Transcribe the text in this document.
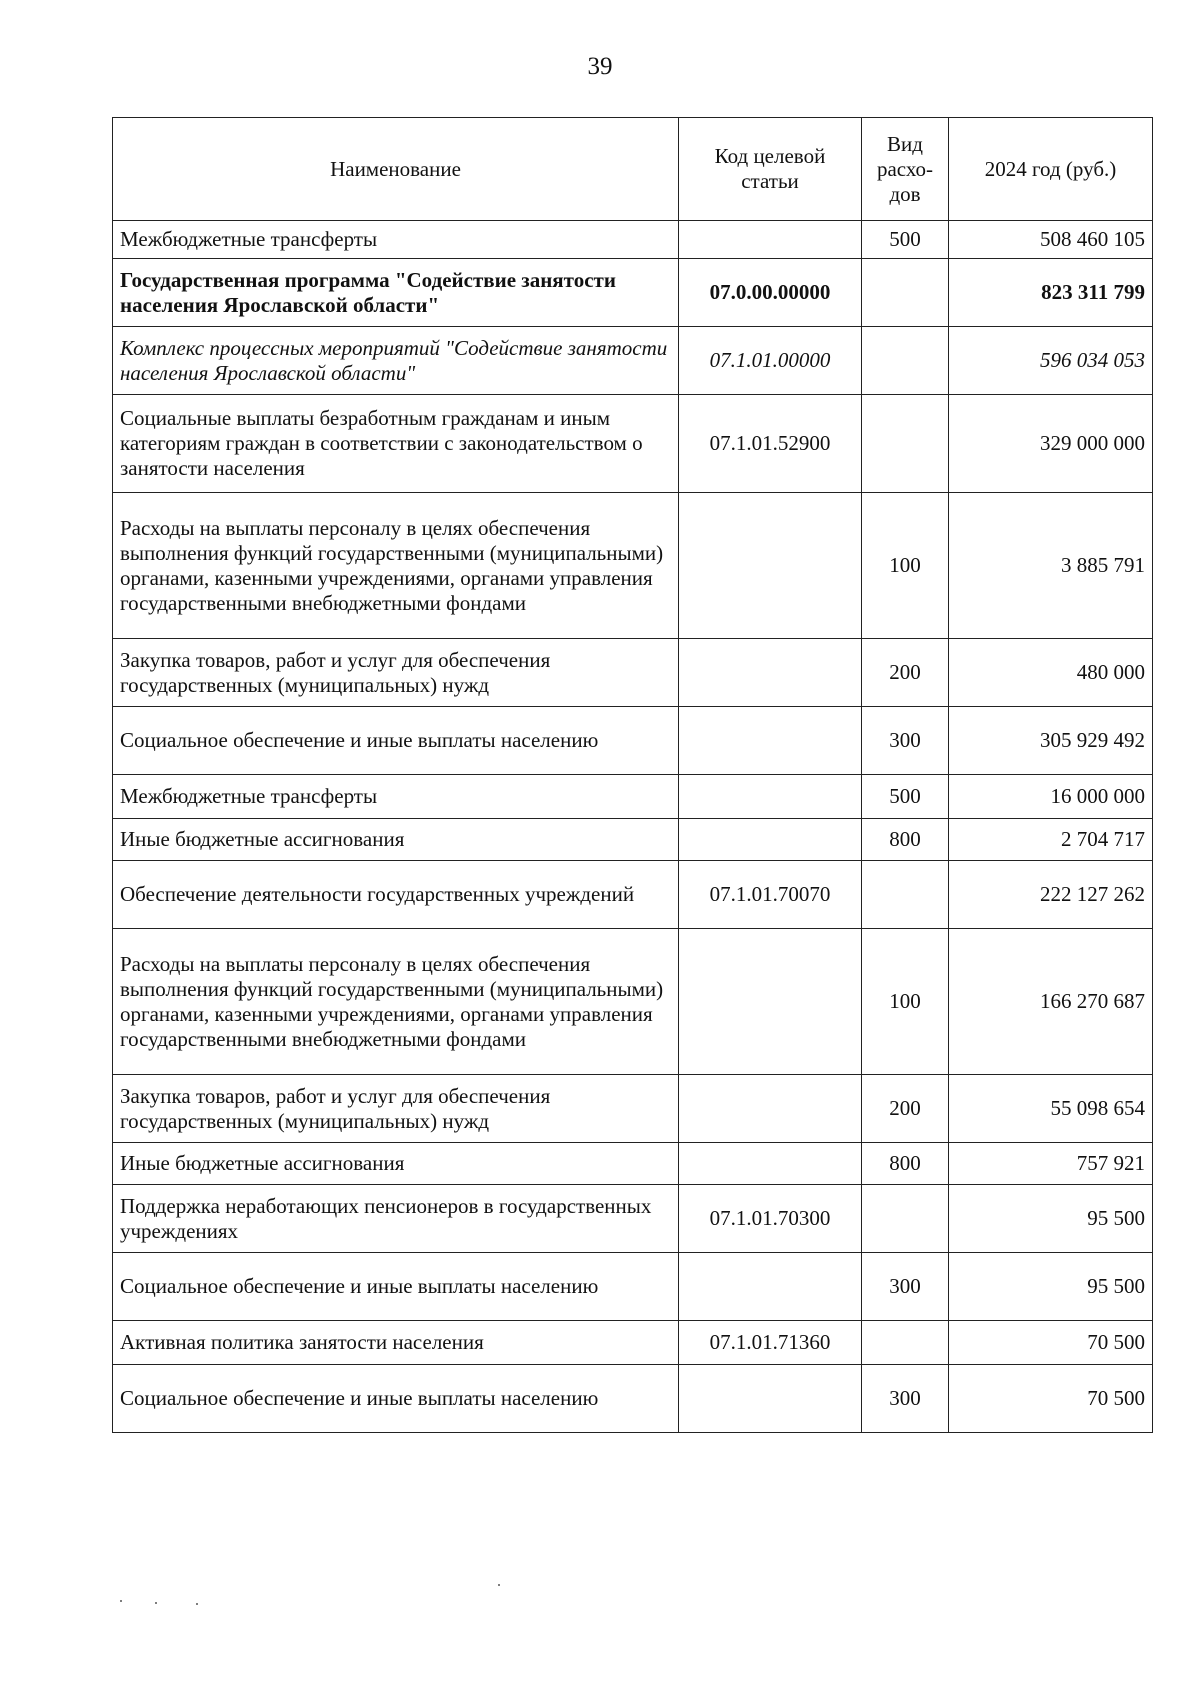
39
Наименование	Код целевой статьи	Вид расхо-дов	2024 год (руб.)
Межбюджетные трансферты		500	508 460 105
Государственная программа "Содействие занятости населения Ярославской области"	07.0.00.00000		823 311 799
Комплекс процессных мероприятий "Содействие занятости населения Ярославской области"	07.1.01.00000		596 034 053
Социальные выплаты безработным гражданам и иным категориям граждан в соответствии с законодательством о занятости населения	07.1.01.52900		329 000 000
Расходы на выплаты персоналу в целях обеспечения выполнения функций государственными (муниципальными) органами, казенными учреждениями, органами управления государственными внебюджетными фондами		100	3 885 791
Закупка товаров, работ и услуг для обеспечения государственных (муниципальных) нужд		200	480 000
Социальное обеспечение и иные выплаты населению		300	305 929 492
Межбюджетные трансферты		500	16 000 000
Иные бюджетные ассигнования		800	2 704 717
Обеспечение деятельности государственных учреждений	07.1.01.70070		222 127 262
Расходы на выплаты персоналу в целях обеспечения выполнения функций государственными (муниципальными) органами, казенными учреждениями, органами управления государственными внебюджетными фондами		100	166 270 687
Закупка товаров, работ и услуг для обеспечения государственных (муниципальных) нужд		200	55 098 654
Иные бюджетные ассигнования		800	757 921
Поддержка неработающих пенсионеров в государственных учреждениях	07.1.01.70300		95 500
Социальное обеспечение и иные выплаты населению		300	95 500
Активная политика занятости населения	07.1.01.71360		70 500
Социальное обеспечение и иные выплаты населению		300	70 500
